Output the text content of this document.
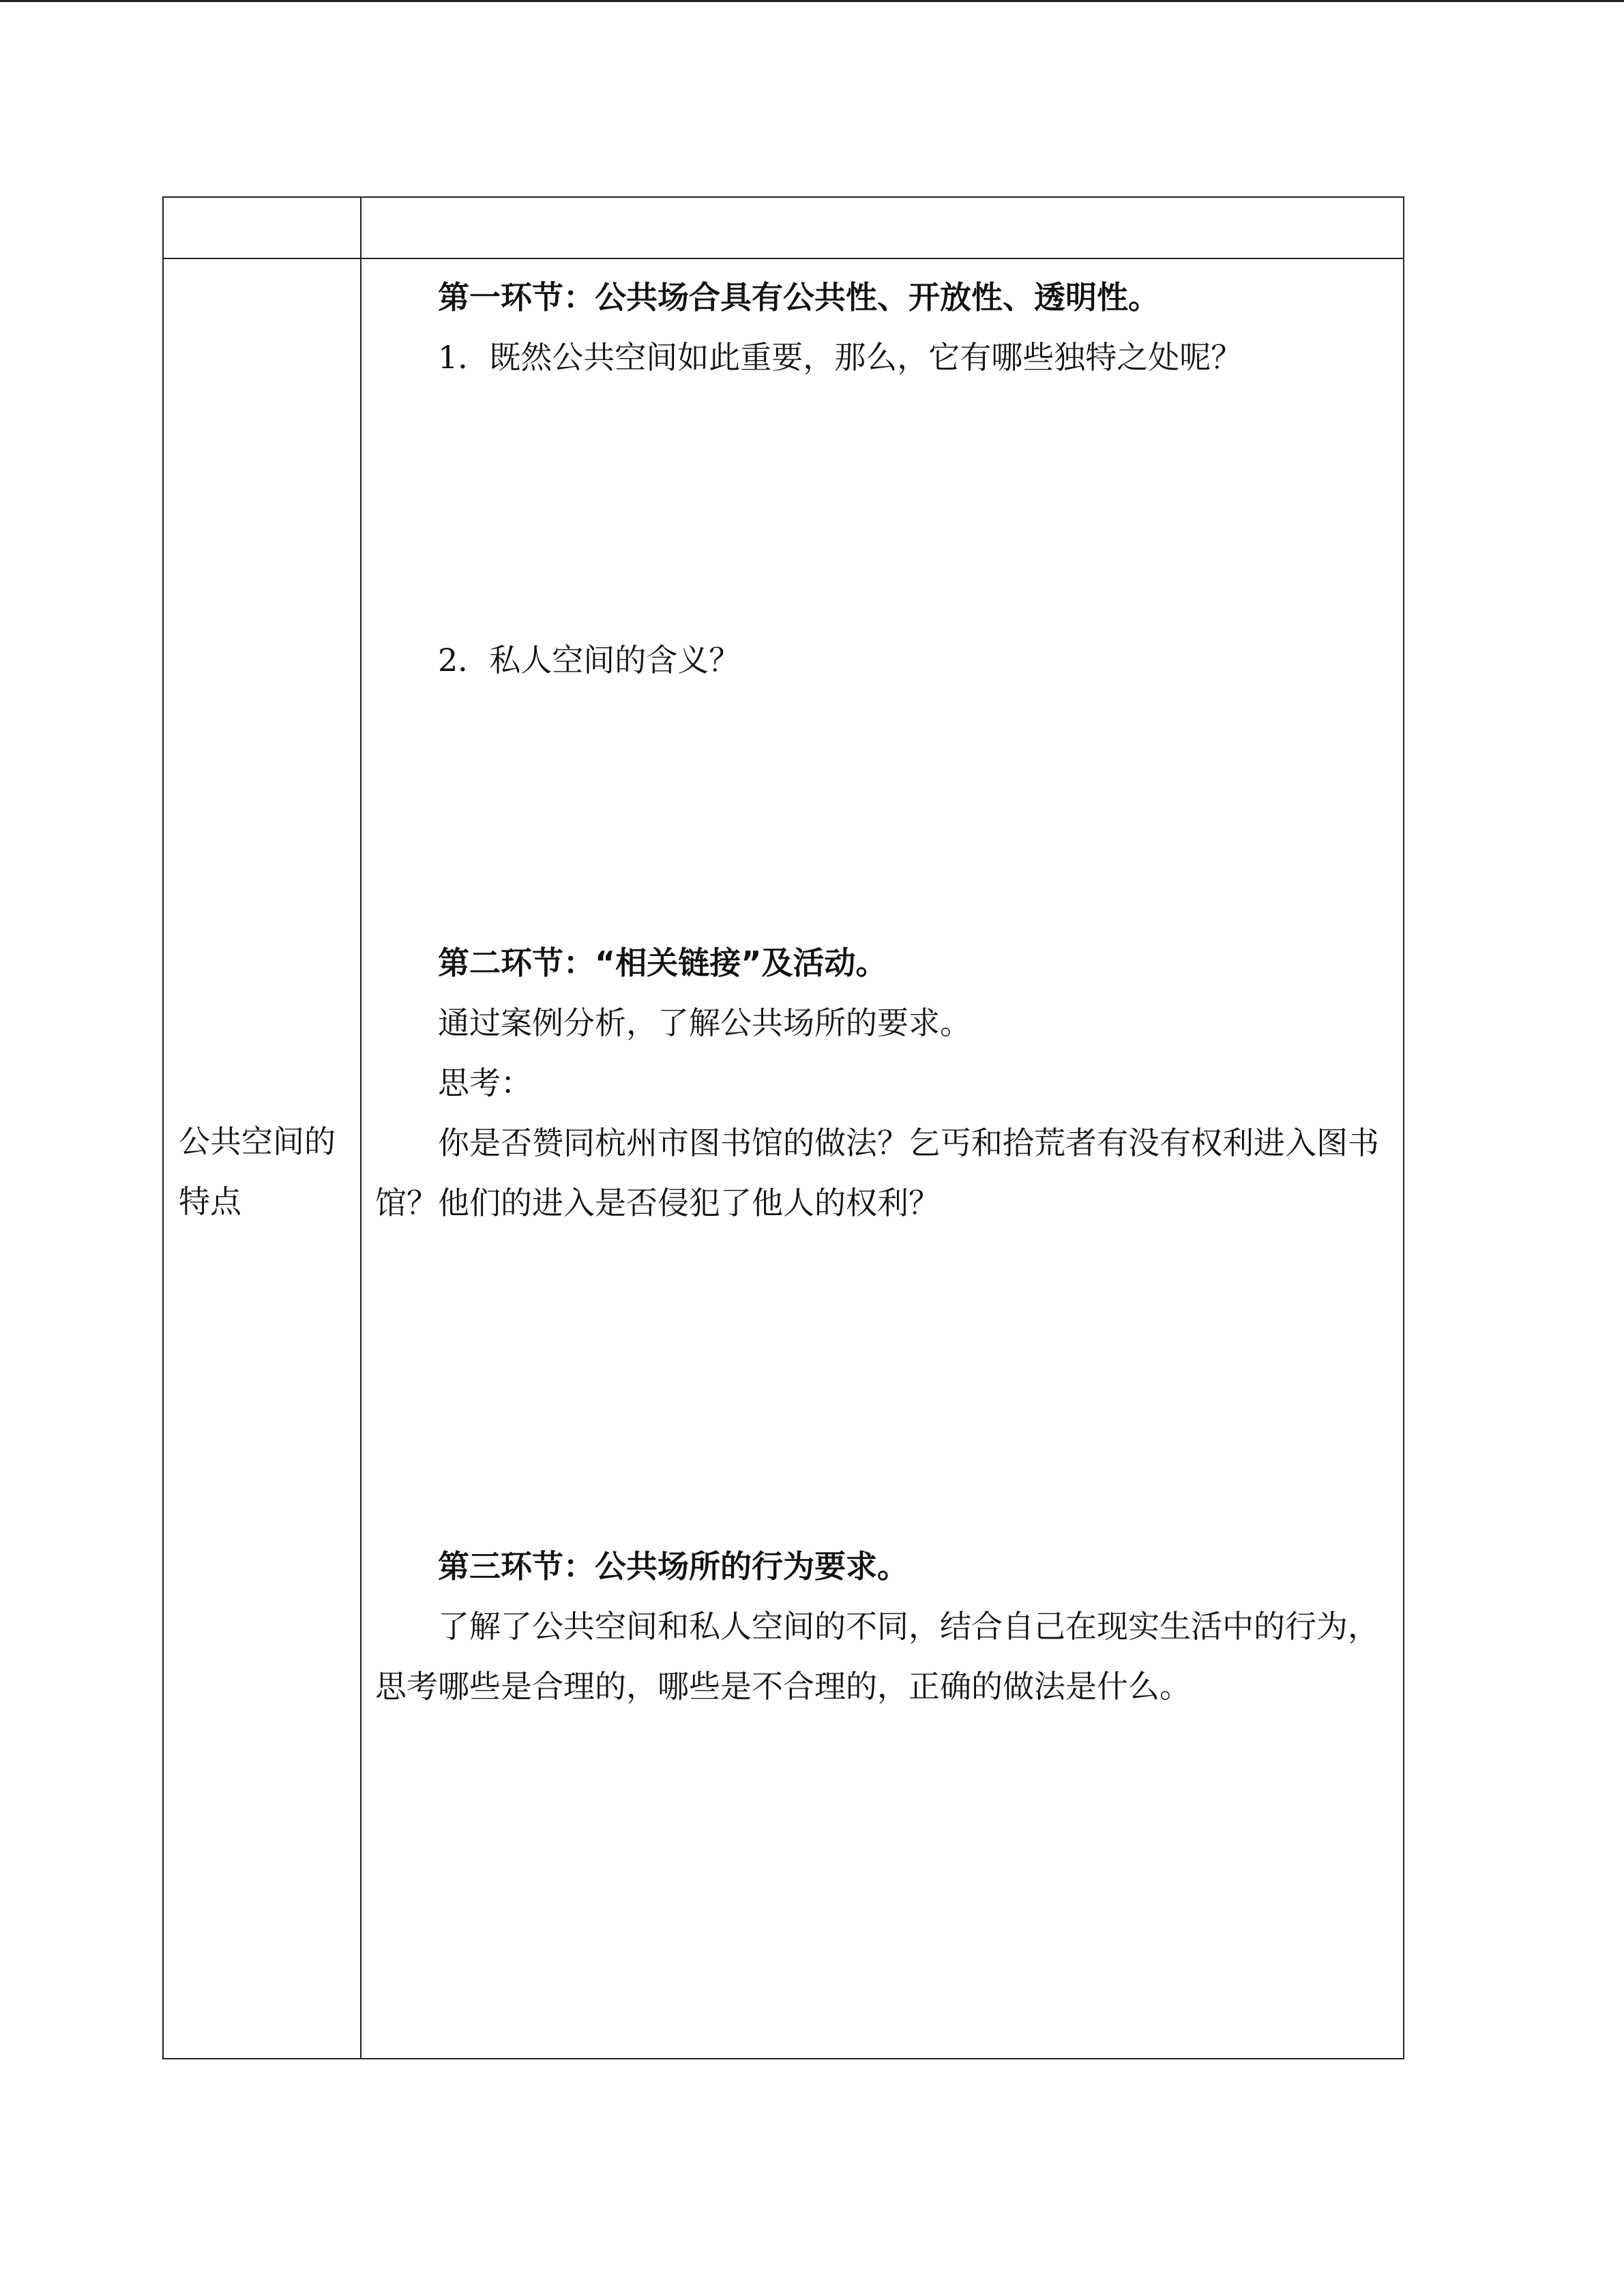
公共空间的特点

第一环节：公共场合具有公共性、开放性、透明性。

1．既然公共空间如此重要，那么，它有哪些独特之处呢？

2．私人空间的含义？

第二环节：“相关链接”及活动。

通过案例分析，了解公共场所的要求。

思考：

你是否赞同杭州市图书馆的做法？乞丐和拾荒者有没有权利进入图书馆？他们的进入是否侵犯了他人的权利？

第三环节：公共场所的行为要求。

了解了公共空间和私人空间的不同，结合自己在现实生活中的行为，思考哪些是合理的，哪些是不合理的，正确的做法是什么。
